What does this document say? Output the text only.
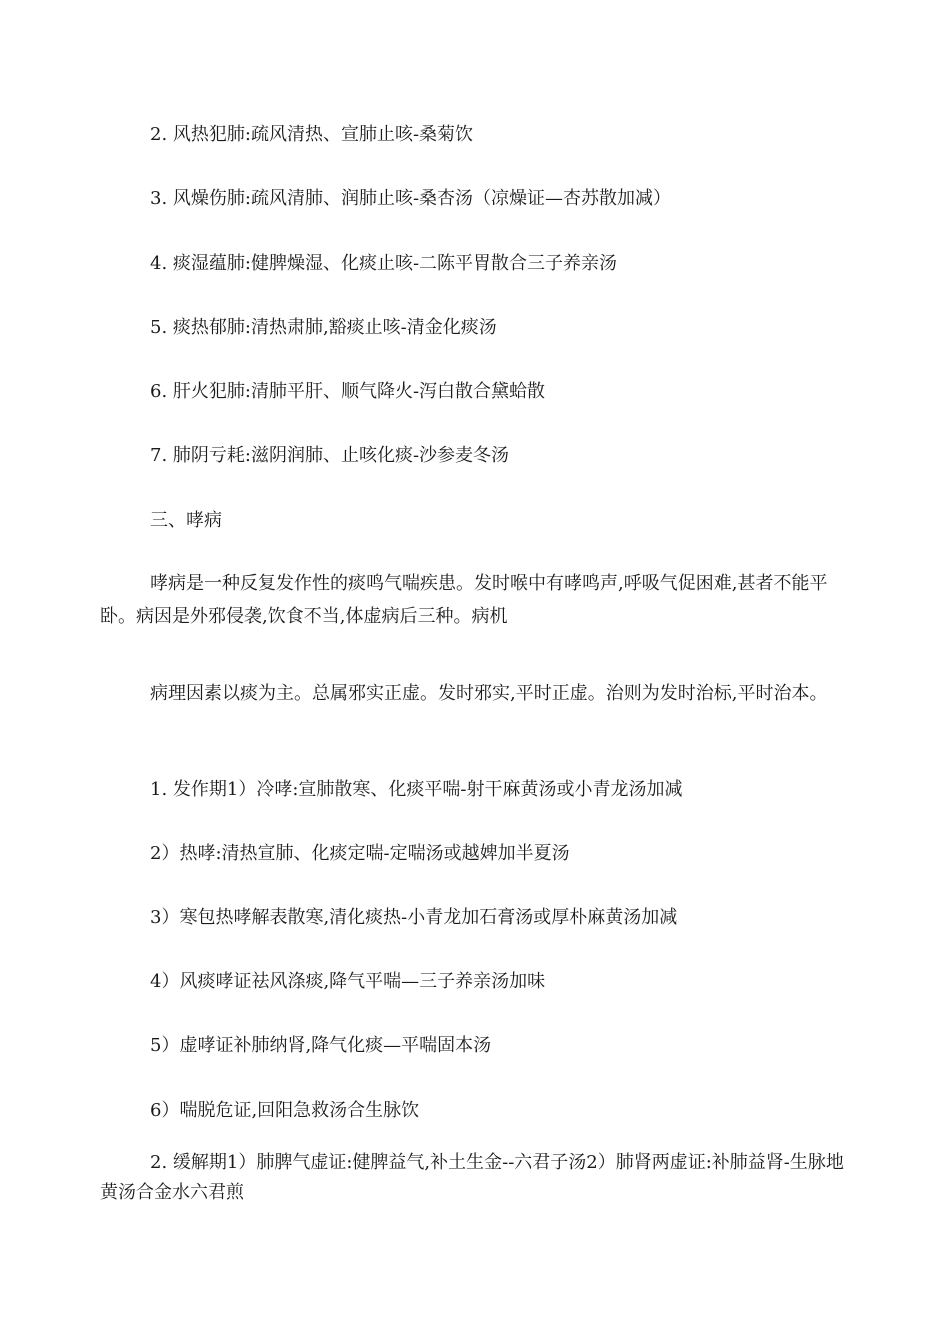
2. 风热犯肺:疏风清热、宣肺止咳-桑菊饮
3. 风燥伤肺:疏风清肺、润肺止咳-桑杏汤（凉燥证—杏苏散加减）
4. 痰湿蕴肺:健脾燥湿、化痰止咳-二陈平胃散合三子养亲汤
5. 痰热郁肺:清热肃肺,豁痰止咳-清金化痰汤
6. 肝火犯肺:清肺平肝、顺气降火-泻白散合黛蛤散
7. 肺阴亏耗:滋阴润肺、止咳化痰-沙参麦冬汤
三、哮病
哮病是一种反复发作性的痰鸣气喘疾患。发时喉中有哮鸣声,呼吸气促困难,甚者不能平卧。病因是外邪侵袭,饮食不当,体虚病后三种。病机
病理因素以痰为主。总属邪实正虚。发时邪实,平时正虚。治则为发时治标,平时治本。
1. 发作期1）冷哮:宣肺散寒、化痰平喘-射干麻黄汤或小青龙汤加减
2）热哮:清热宣肺、化痰定喘-定喘汤或越婢加半夏汤
3）寒包热哮解表散寒,清化痰热-小青龙加石膏汤或厚朴麻黄汤加减
4）风痰哮证祛风涤痰,降气平喘—三子养亲汤加味
5）虚哮证补肺纳肾,降气化痰—平喘固本汤
6）喘脱危证,回阳急救汤合生脉饮
2. 缓解期1）肺脾气虚证:健脾益气,补土生金--六君子汤2）肺肾两虚证:补肺益肾-生脉地黄汤合金水六君煎
